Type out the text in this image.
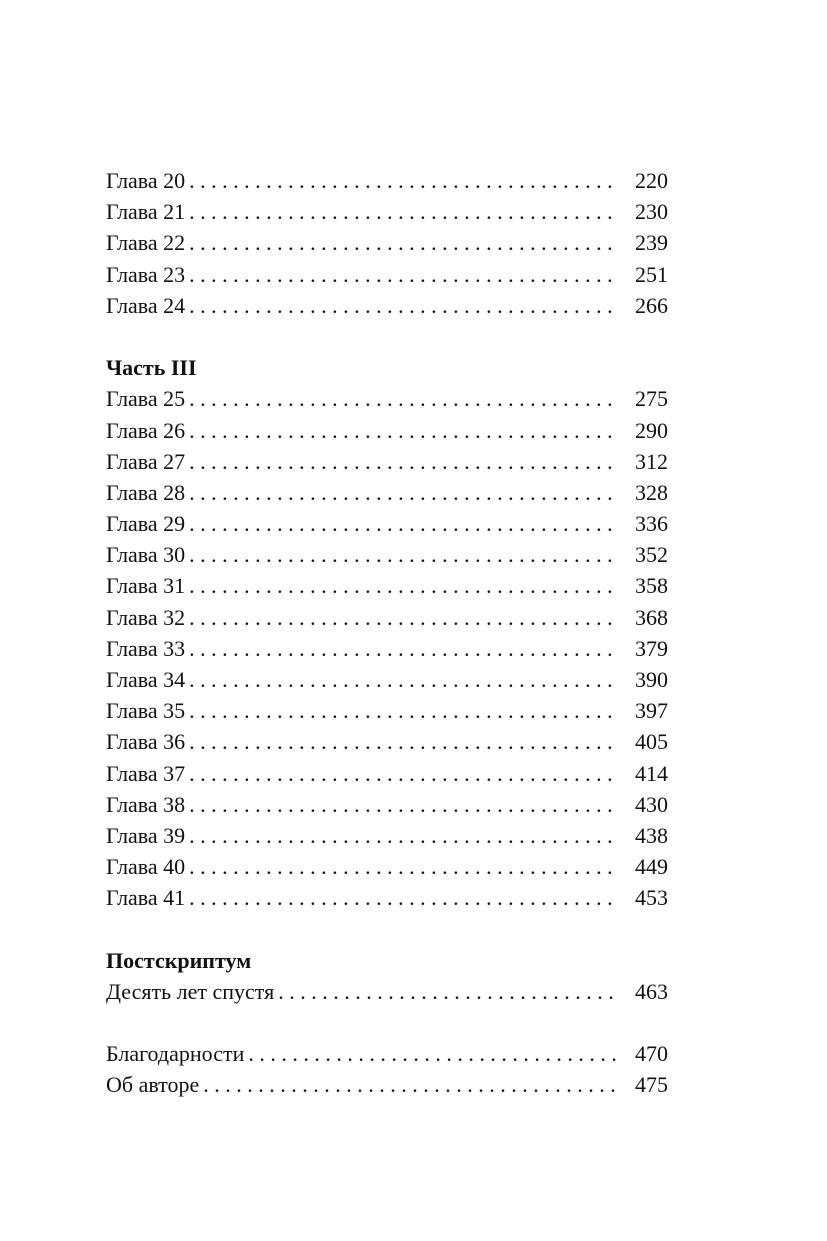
Глава 20 . . .	220
Глава 21 . . .	230
Глава 22 . . .	239
Глава 23 . . .	251
Глава 24 . . .	266
Часть III
Глава 25 . . .	275
Глава 26 . . .	290
Глава 27 . . .	312
Глава 28 . . .	328
Глава 29 . . .	336
Глава 30 . . .	352
Глава 31 . . .	358
Глава 32 . . .	368
Глава 33 . . .	379
Глава 34 . . .	390
Глава 35 . . .	397
Глава 36 . . .	405
Глава 37 . . .	414
Глава 38 . . .	430
Глава 39 . . .	438
Глава 40 . . .	449
Глава 41 . . .	453
Постскриптум
Десять лет спустя . . .	463
Благодарности . . .	470
Об авторе . . .	475
